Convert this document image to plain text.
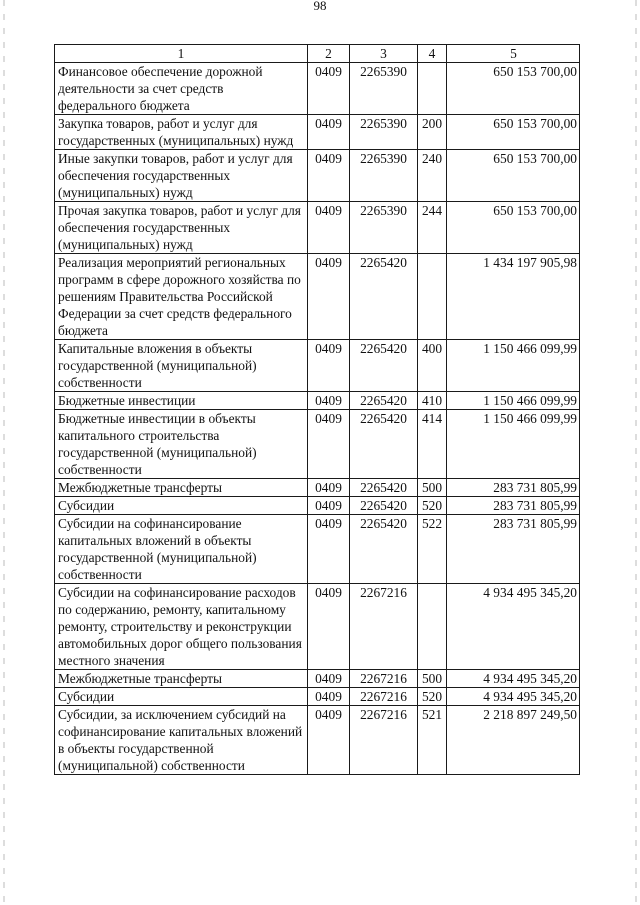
98
1	2	3	4	5
Финансовое обеспечение дорожной деятельности за счет средств федерального бюджета	0409	2265390		650 153 700,00
Закупка товаров, работ и услуг для государственных (муниципальных) нужд	0409	2265390	200	650 153 700,00
Иные закупки товаров, работ и услуг для обеспечения государственных (муниципальных) нужд	0409	2265390	240	650 153 700,00
Прочая закупка товаров, работ и услуг для обеспечения государственных (муниципальных) нужд	0409	2265390	244	650 153 700,00
Реализация мероприятий региональных программ в сфере дорожного хозяйства по решениям Правительства Российской Федерации за счет средств федерального бюджета	0409	2265420		1 434 197 905,98
Капитальные вложения в объекты государственной (муниципальной) собственности	0409	2265420	400	1 150 466 099,99
Бюджетные инвестиции	0409	2265420	410	1 150 466 099,99
Бюджетные инвестиции в объекты капитального строительства государственной (муниципальной) собственности	0409	2265420	414	1 150 466 099,99
Межбюджетные трансферты	0409	2265420	500	283 731 805,99
Субсидии	0409	2265420	520	283 731 805,99
Субсидии на софинансирование капитальных вложений в объекты государственной (муниципальной) собственности	0409	2265420	522	283 731 805,99
Субсидии на софинансирование расходов по содержанию, ремонту, капитальному ремонту, строительству и реконструкции автомобильных дорог общего пользования местного значения	0409	2267216		4 934 495 345,20
Межбюджетные трансферты	0409	2267216	500	4 934 495 345,20
Субсидии	0409	2267216	520	4 934 495 345,20
Субсидии, за исключением субсидий на софинансирование капитальных вложений в объекты государственной (муниципальной) собственности	0409	2267216	521	2 218 897 249,50
